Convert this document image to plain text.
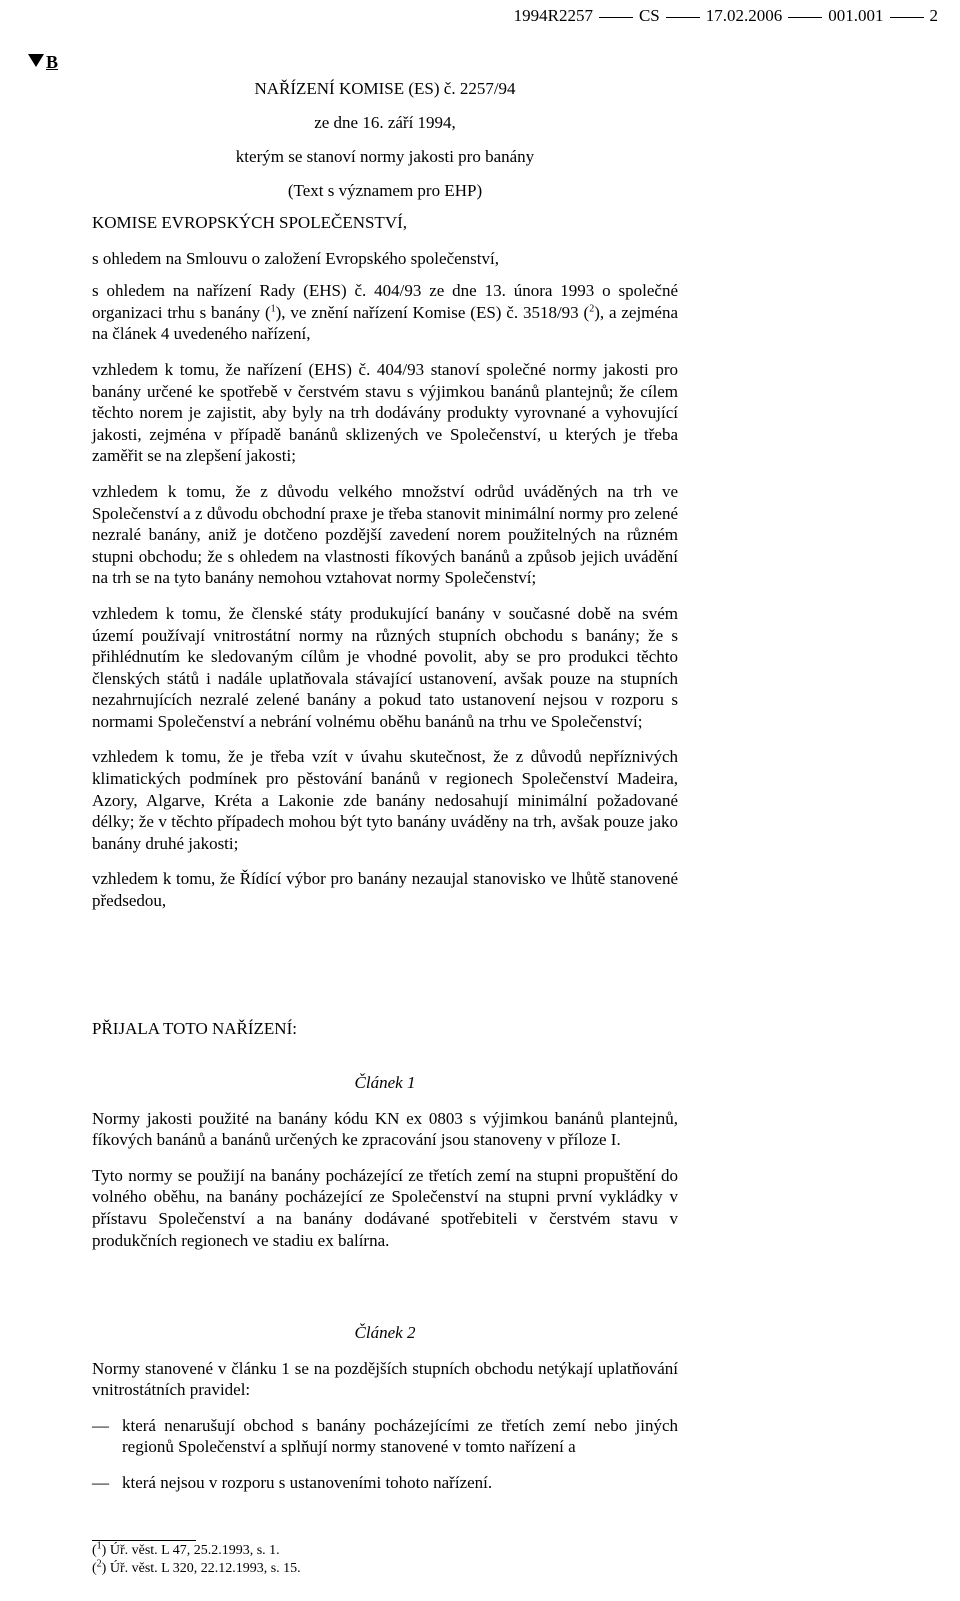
1994R2257	CS	17.02.2006	001.001	2
B
NAŘÍZENÍ KOMISE (ES) č. 2257/94
ze dne 16. září 1994,
kterým se stanoví normy jakosti pro banány
(Text s významem pro EHP)

KOMISE EVROPSKÝCH SPOLEČENSTVÍ,

s ohledem na Smlouvu o založení Evropského společenství,

s ohledem na nařízení Rady (EHS) č. 404/93 ze dne 13. února 1993 o společné organizaci trhu s banány ($^1$), ve znění nařízení Komise (ES) č. 3518/93 ($^2$), a zejména na článek 4 uvedeného nařízení,

vzhledem k tomu, že nařízení (EHS) č. 404/93 stanoví společné normy jakosti pro banány určené ke spotřebě v čerstvém stavu s výjimkou banánů plantejnů; že cílem těchto norem je zajistit, aby byly na trh dodávány produkty vyrovnané a vyhovující jakosti, zejména v případě banánů sklizených ve Společenství, u kterých je třeba zaměřit se na zlepšení jakosti;

vzhledem k tomu, že z důvodu velkého množství odrůd uváděných na trh ve Společenství a z důvodu obchodní praxe je třeba stanovit minimální normy pro zelené nezralé banány, aniž je dotčeno pozdější zavedení norem použitelných na různém stupni obchodu; že s ohledem na vlastnosti fíkových banánů a způsob jejich uvádění na trh se na tyto banány nemohou vztahovat normy Společenství;

vzhledem k tomu, že členské státy produkující banány v současné době na svém území používají vnitrostátní normy na různých stupních obchodu s banány; že s přihlédnutím ke sledovaným cílům je vhodné povolit, aby se pro produkci těchto členských států i nadále uplatňovala stávající ustanovení, avšak pouze na stupních nezahrnujících nezralé zelené banány a pokud tato ustanovení nejsou v rozporu s normami Společenství a nebrání volnému oběhu banánů na trhu ve Společenství;

vzhledem k tomu, že je třeba vzít v úvahu skutečnost, že z důvodů nepříznivých klimatických podmínek pro pěstování banánů v regionech Společenství Madeira, Azory, Algarve, Kréta a Lakonie zde banány nedosahují minimální požadované délky; že v těchto případech mohou být tyto banány uváděny na trh, avšak pouze jako banány druhé jakosti;

vzhledem k tomu, že Řídící výbor pro banány nezaujal stanovisko ve lhůtě stanovené předsedou,

PŘIJALA TOTO NAŘÍZENÍ:

Článek 1

Normy jakosti použité na banány kódu KN ex 0803 s výjimkou banánů plantejnů, fíkových banánů a banánů určených ke zpracování jsou stanoveny v příloze I.

Tyto normy se použijí na banány pocházející ze třetích zemí na stupni propuštění do volného oběhu, na banány pocházející ze Společenství na stupni první vykládky v přístavu Společenství a na banány dodávané spotřebiteli v čerstvém stavu v produkčních regionech ve stadiu ex balírna.

Článek 2

Normy stanovené v článku 1 se na pozdějších stupních obchodu netýkají uplatňování vnitrostátních pravidel:

— která nenarušují obchod s banány pocházejícími ze třetích zemí nebo jiných regionů Společenství a splňují normy stanovené v tomto nařízení a
— která nejsou v rozporu s ustanoveními tohoto nařízení.
($^1$) Úř. věst. L 47, 25.2.1993, s. 1.
($^2$) Úř. věst. L 320, 22.12.1993, s. 15.
